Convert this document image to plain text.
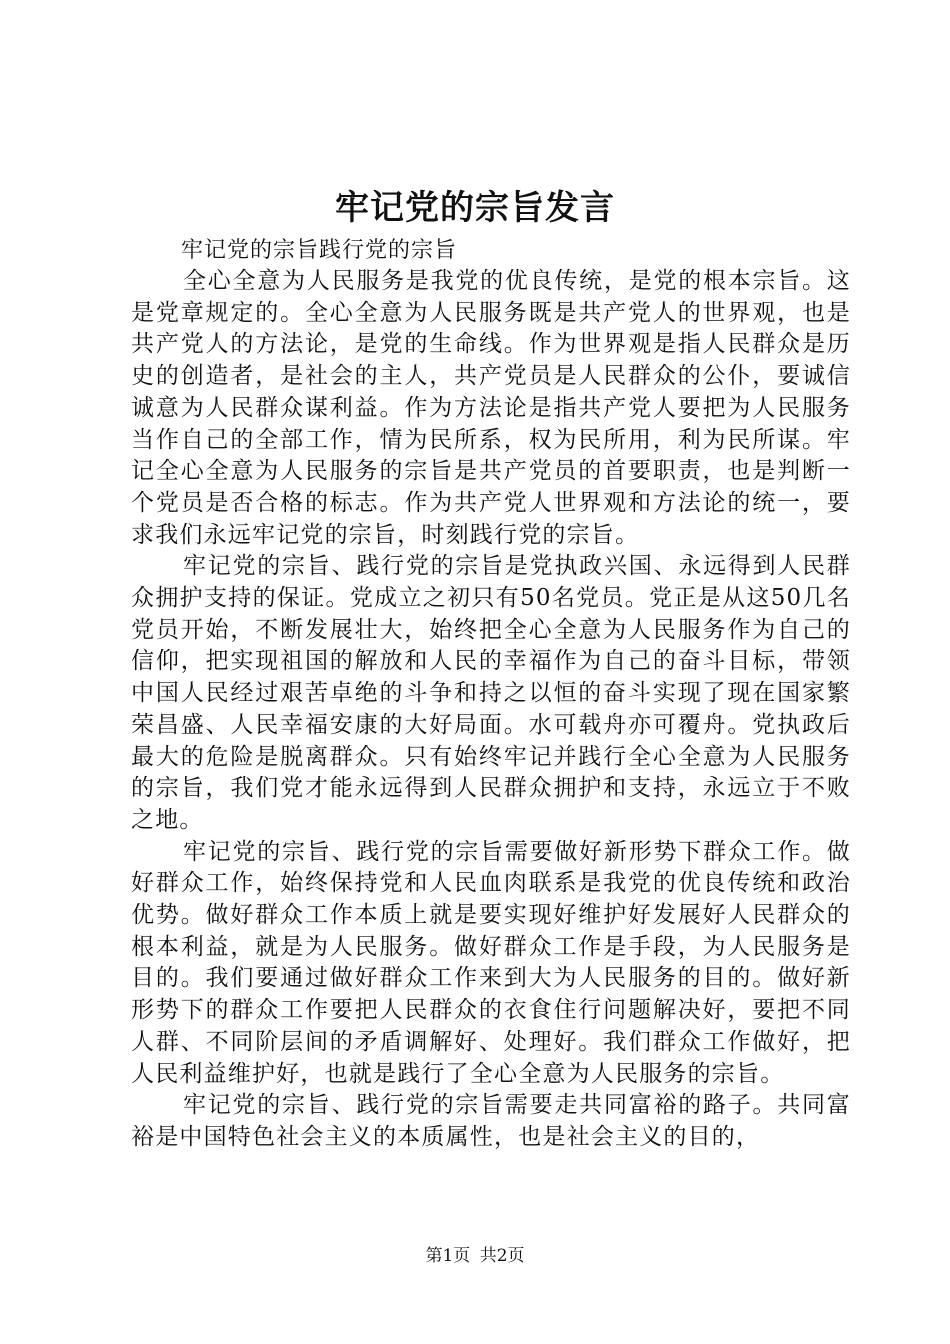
牢记党的宗旨发言

牢记党的宗旨践行党的宗旨

全心全意为人民服务是我党的优良传统，是党的根本宗旨。这是党章规定的。全心全意为人民服务既是共产党人的世界观，也是共产党人的方法论，是党的生命线。作为世界观是指人民群众是历史的创造者，是社会的主人，共产党员是人民群众的公仆，要诚信诚意为人民群众谋利益。作为方法论是指共产党人要把为人民服务当作自己的全部工作，情为民所系，权为民所用，利为民所谋。牢记全心全意为人民服务的宗旨是共产党员的首要职责，也是判断一个党员是否合格的标志。作为共产党人世界观和方法论的统一，要求我们永远牢记党的宗旨，时刻践行党的宗旨。

牢记党的宗旨、践行党的宗旨是党执政兴国、永远得到人民群众拥护支持的保证。党成立之初只有50名党员。党正是从这50几名党员开始，不断发展壮大，始终把全心全意为人民服务作为自己的信仰，把实现祖国的解放和人民的幸福作为自己的奋斗目标，带领中国人民经过艰苦卓绝的斗争和持之以恒的奋斗实现了现在国家繁荣昌盛、人民幸福安康的大好局面。水可载舟亦可覆舟。党执政后最大的危险是脱离群众。只有始终牢记并践行全心全意为人民服务的宗旨，我们党才能永远得到人民群众拥护和支持，永远立于不败之地。

牢记党的宗旨、践行党的宗旨需要做好新形势下群众工作。做好群众工作，始终保持党和人民血肉联系是我党的优良传统和政治优势。做好群众工作本质上就是要实现好维护好发展好人民群众的根本利益，就是为人民服务。做好群众工作是手段，为人民服务是目的。我们要通过做好群众工作来到大为人民服务的目的。做好新形势下的群众工作要把人民群众的衣食住行问题解决好，要把不同人群、不同阶层间的矛盾调解好、处理好。我们群众工作做好，把人民利益维护好，也就是践行了全心全意为人民服务的宗旨。

牢记党的宗旨、践行党的宗旨需要走共同富裕的路子。共同富裕是中国特色社会主义的本质属性，也是社会主义的目的，

第1页 共2页
